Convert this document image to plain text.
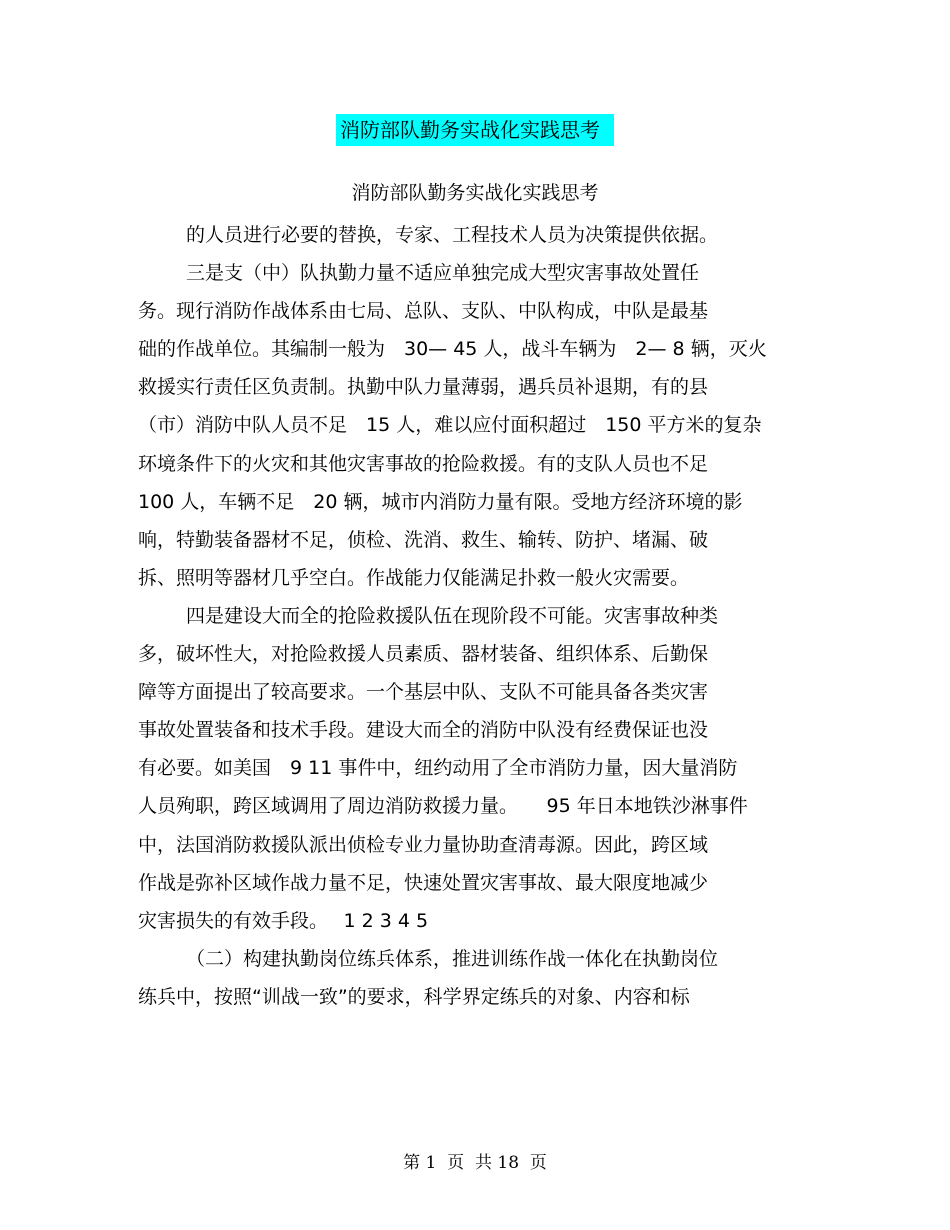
消防部队勤务实战化实践思考
消防部队勤务实战化实践思考
的人员进行必要的替换，专家、工程技术人员为决策提供依据。
三是支（中）队执勤力量不适应单独完成大型灾害事故处置任
务。现行消防作战体系由七局、总队、支队、中队构成，中队是最基
础的作战单位。其编制一般为　30— 45 人，战斗车辆为　2— 8 辆，灭火
救援实行责任区负责制。执勤中队力量薄弱，遇兵员补退期，有的县
（市）消防中队人员不足　15 人，难以应付面积超过　150 平方米的复杂
环境条件下的火灾和其他灾害事故的抢险救援。有的支队人员也不足
100 人，车辆不足　20 辆，城市内消防力量有限。受地方经济环境的影
响，特勤装备器材不足，侦检、洗消、救生、输转、防护、堵漏、破
拆、照明等器材几乎空白。作战能力仅能满足扑救一般火灾需要。
四是建设大而全的抢险救援队伍在现阶段不可能。灾害事故种类
多，破坏性大，对抢险救援人员素质、器材装备、组织体系、后勤保
障等方面提出了较高要求。一个基层中队、支队不可能具备各类灾害
事故处置装备和技术手段。建设大而全的消防中队没有经费保证也没
有必要。如美国　9 11 事件中，纽约动用了全市消防力量，因大量消防
人员殉职，跨区域调用了周边消防救援力量。　　95 年日本地铁沙淋事件
中，法国消防救援队派出侦检专业力量协助查清毒源。因此，跨区域
作战是弥补区域作战力量不足，快速处置灾害事故、最大限度地减少
灾害损失的有效手段。　 1 2 3 4 5
（二）构建执勤岗位练兵体系，推进训练作战一体化在执勤岗位
练兵中，按照“训战一致”的要求，科学界定练兵的对象、内容和标
第 1  页  共 18  页
